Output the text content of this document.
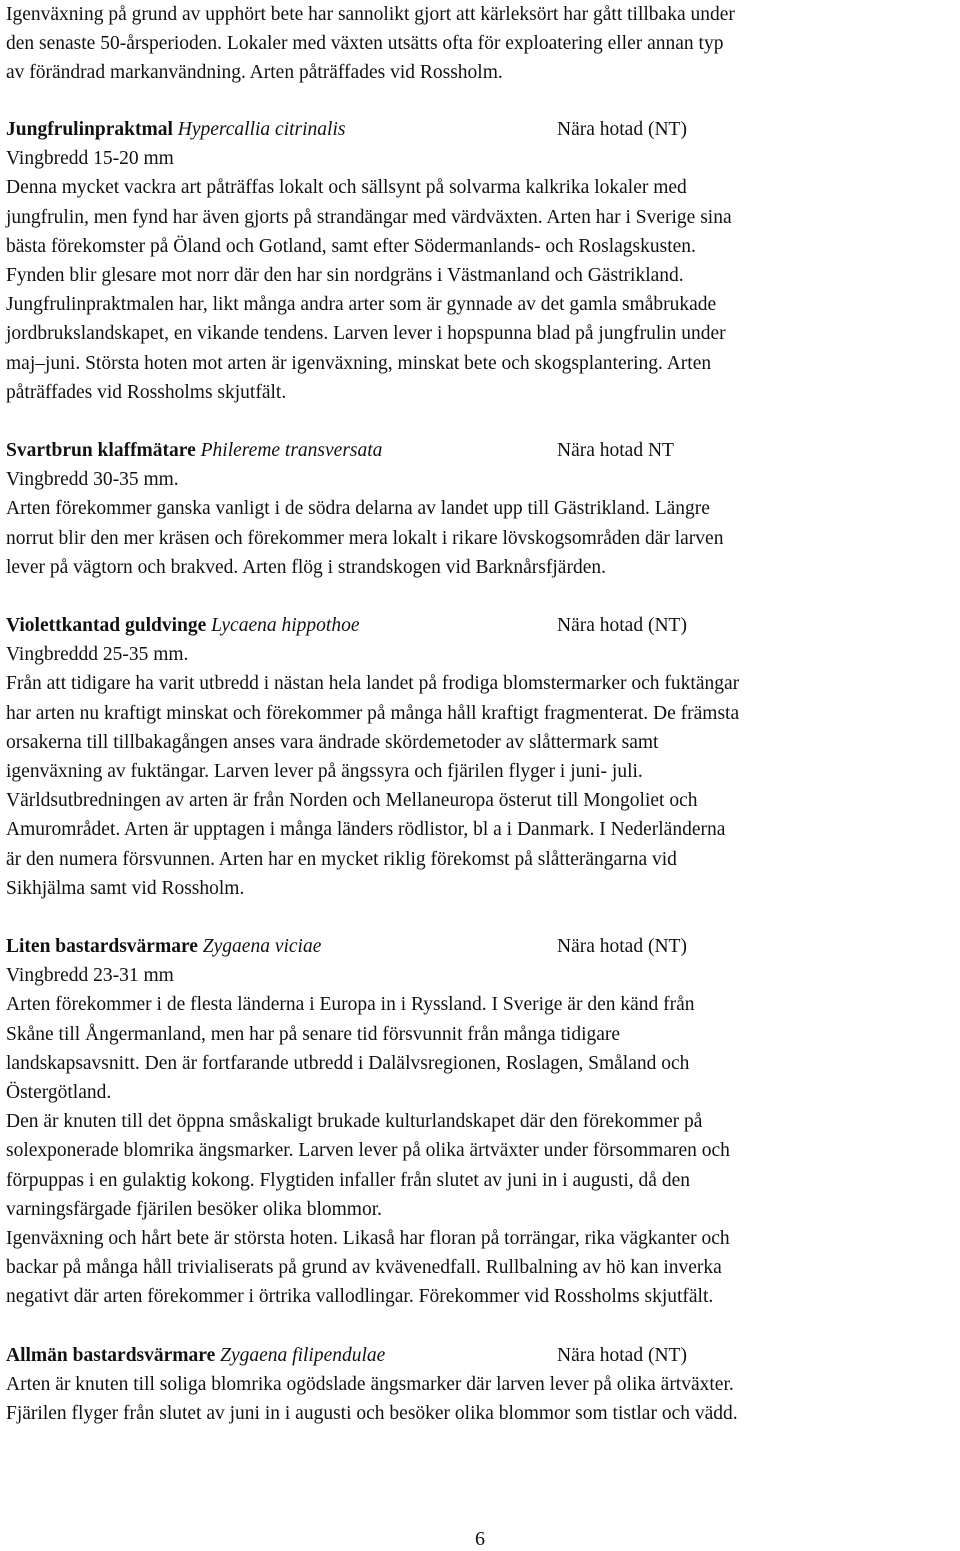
Igenväxning på grund av upphört bete har sannolikt gjort att kärleksört har gått tillbaka under
den senaste 50-årsperioden. Lokaler med växten utsätts ofta för exploatering eller annan typ
av förändrad markanvändning. Arten påträffades vid Rossholm.
Jungfrulinpraktmal Hypercallia citrinalis	Nära hotad (NT)
Vingbredd 15-20 mm
Denna mycket vackra art påträffas lokalt och sällsynt på solvarma kalkrika lokaler med
jungfrulin, men fynd har även gjorts på strandängar med värdväxten. Arten har i Sverige sina
bästa förekomster på Öland och Gotland, samt efter Södermanlands- och Roslagskusten.
Fynden blir glesare mot norr där den har sin nordgräns i Västmanland och Gästrikland.
Jungfrulinpraktmalen har, likt många andra arter som är gynnade av det gamla småbrukade
jordbrukslandskapet, en vikande tendens. Larven lever i hopspunna blad på jungfrulin under
maj–juni. Största hoten mot arten är igenväxning, minskat bete och skogsplantering. Arten
påträffades vid Rossholms skjutfält.
Svartbrun klaffmätare Philereme transversata	Nära hotad NT
Vingbredd 30-35 mm.
Arten förekommer ganska vanligt i de södra delarna av landet upp till Gästrikland. Längre
norrut blir den mer kräsen och förekommer mera lokalt i rikare lövskogsområden där larven
lever på vägtorn och brakved. Arten flög i strandskogen vid Barknårsfjärden.
Violettkantad guldvinge Lycaena hippothoe	Nära hotad (NT)
Vingbreddd 25-35 mm.
Från att tidigare ha varit utbredd i nästan hela landet på frodiga blomstermarker och fuktängar
har arten nu kraftigt minskat och förekommer på många håll kraftigt fragmenterat. De främsta
orsakerna till tillbakagången anses vara ändrade skördemetoder av slåttermark samt
igenväxning av fuktängar. Larven lever på ängssyra och fjärilen flyger i juni- juli.
Världsutbredningen av arten är från Norden och Mellaneuropa österut till Mongoliet och
Amurområdet. Arten är upptagen i många länders rödlistor, bl a i Danmark. I Nederländerna
är den numera försvunnen. Arten har en mycket riklig förekomst på slåtterängarna vid
Sikhjälma samt vid Rossholm.
Liten bastardsvärmare Zygaena viciae	Nära hotad (NT)
Vingbredd 23-31 mm
Arten förekommer i de flesta länderna i Europa in i Ryssland. I Sverige är den känd från
Skåne till Ångermanland, men har på senare tid försvunnit från många tidigare
landskapsavsnitt. Den är fortfarande utbredd i Dalälvsregionen, Roslagen, Småland och
Östergötland.
Den är knuten till det öppna småskaligt brukade kulturlandskapet där den förekommer på
solexponerade blomrika ängsmarker. Larven lever på olika ärtväxter under försommaren och
förpuppas i en gulaktig kokong. Flygtiden infaller från slutet av juni in i augusti, då den
varningsfärgade fjärilen besöker olika blommor.
Igenväxning och hårt bete är största hoten. Likaså har floran på torrängar, rika vägkanter och
backar på många håll trivialiserats på grund av kvävenedfall. Rullbalning av hö kan inverka
negativt där arten förekommer i örtrika vallodlingar. Förekommer vid Rossholms skjutfält.
Allmän bastardsvärmare Zygaena filipendulae	Nära hotad (NT)
Arten är knuten till soliga blomrika ogödslade ängsmarker där larven lever på olika ärtväxter.
Fjärilen flyger från slutet av juni in i augusti och besöker olika blommor som tistlar och vädd.
6
